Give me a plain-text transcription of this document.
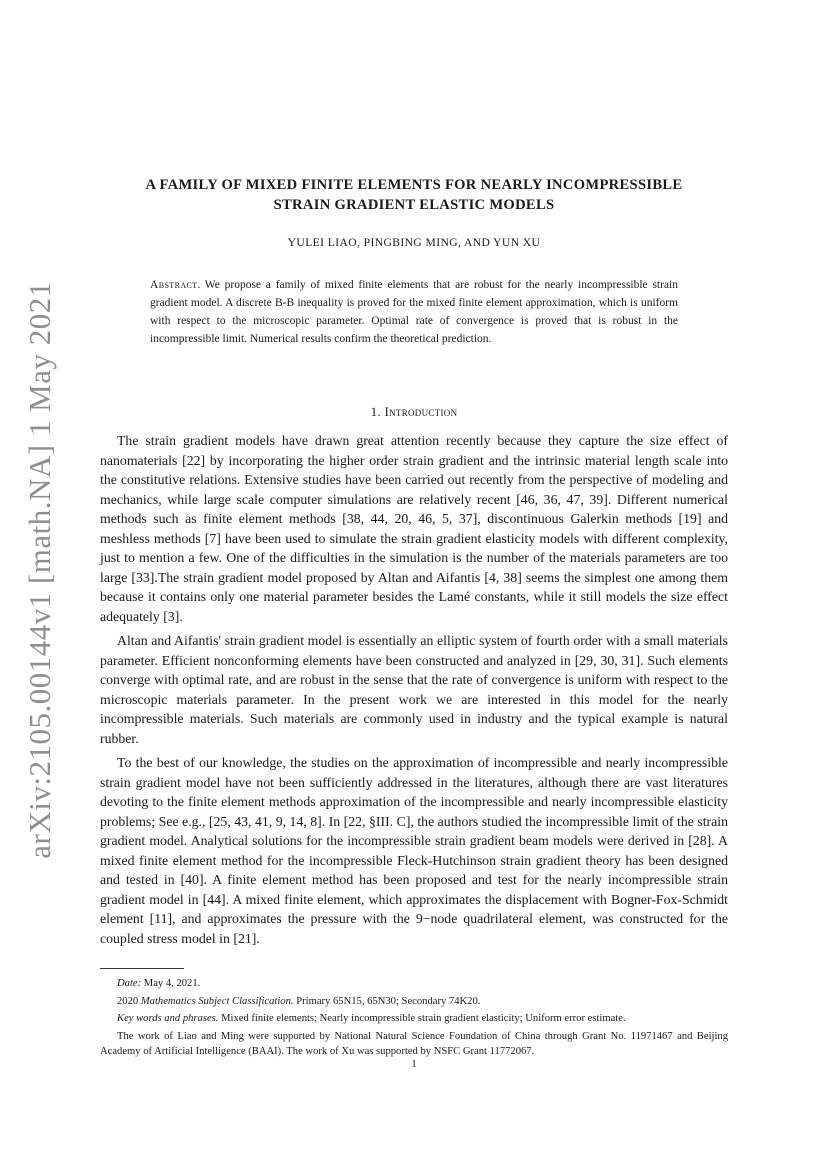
arXiv:2105.00144v1 [math.NA] 1 May 2021
A FAMILY OF MIXED FINITE ELEMENTS FOR NEARLY INCOMPRESSIBLE
STRAIN GRADIENT ELASTIC MODELS
YULEI LIAO, PINGBING MING, AND YUN XU
Abstract. We propose a family of mixed finite elements that are robust for the nearly incompressible strain gradient model. A discrete B-B inequality is proved for the mixed finite element approximation, which is uniform with respect to the microscopic parameter. Optimal rate of convergence is proved that is robust in the incompressible limit. Numerical results confirm the theoretical prediction.
1. Introduction

The strain gradient models have drawn great attention recently because they capture the size effect of nanomaterials [22] by incorporating the higher order strain gradient and the intrinsic material length scale into the constitutive relations. Extensive studies have been carried out recently from the perspective of modeling and mechanics, while large scale computer simulations are relatively recent [46, 36, 47, 39]. Different numerical methods such as finite element methods [38, 44, 20, 46, 5, 37], discontinuous Galerkin methods [19] and meshless methods [7] have been used to simulate the strain gradient elasticity models with different complexity, just to mention a few. One of the difficulties in the simulation is the number of the materials parameters are too large [33].The strain gradient model proposed by Altan and Aifantis [4, 38] seems the simplest one among them because it contains only one material parameter besides the Lamé constants, while it still models the size effect adequately [3].

Altan and Aifantis' strain gradient model is essentially an elliptic system of fourth order with a small materials parameter. Efficient nonconforming elements have been constructed and analyzed in [29, 30, 31]. Such elements converge with optimal rate, and are robust in the sense that the rate of convergence is uniform with respect to the microscopic materials parameter. In the present work we are interested in this model for the nearly incompressible materials. Such materials are commonly used in industry and the typical example is natural rubber.

To the best of our knowledge, the studies on the approximation of incompressible and nearly incompressible strain gradient model have not been sufficiently addressed in the literatures, although there are vast literatures devoting to the finite element methods approximation of the incompressible and nearly incompressible elasticity problems; See e.g., [25, 43, 41, 9, 14, 8]. In [22, §III. C], the authors studied the incompressible limit of the strain gradient model. Analytical solutions for the incompressible strain gradient beam models were derived in [28]. A mixed finite element method for the incompressible Fleck-Hutchinson strain gradient theory has been designed and tested in [40]. A finite element method has been proposed and test for the nearly incompressible strain gradient model in [44]. A mixed finite element, which approximates the displacement with Bogner-Fox-Schmidt element [11], and approximates the pressure with the 9−node quadrilateral element, was constructed for the coupled stress model in [21].

Date: May 4, 2021.
2020 Mathematics Subject Classification. Primary 65N15, 65N30; Secondary 74K20.
Key words and phrases. Mixed finite elements; Nearly incompressible strain gradient elasticity; Uniform error estimate.
The work of Liao and Ming were supported by National Natural Science Foundation of China through Grant No. 11971467 and Beijing Academy of Artificial Intelligence (BAAI). The work of Xu was supported by NSFC Grant 11772067.
1
